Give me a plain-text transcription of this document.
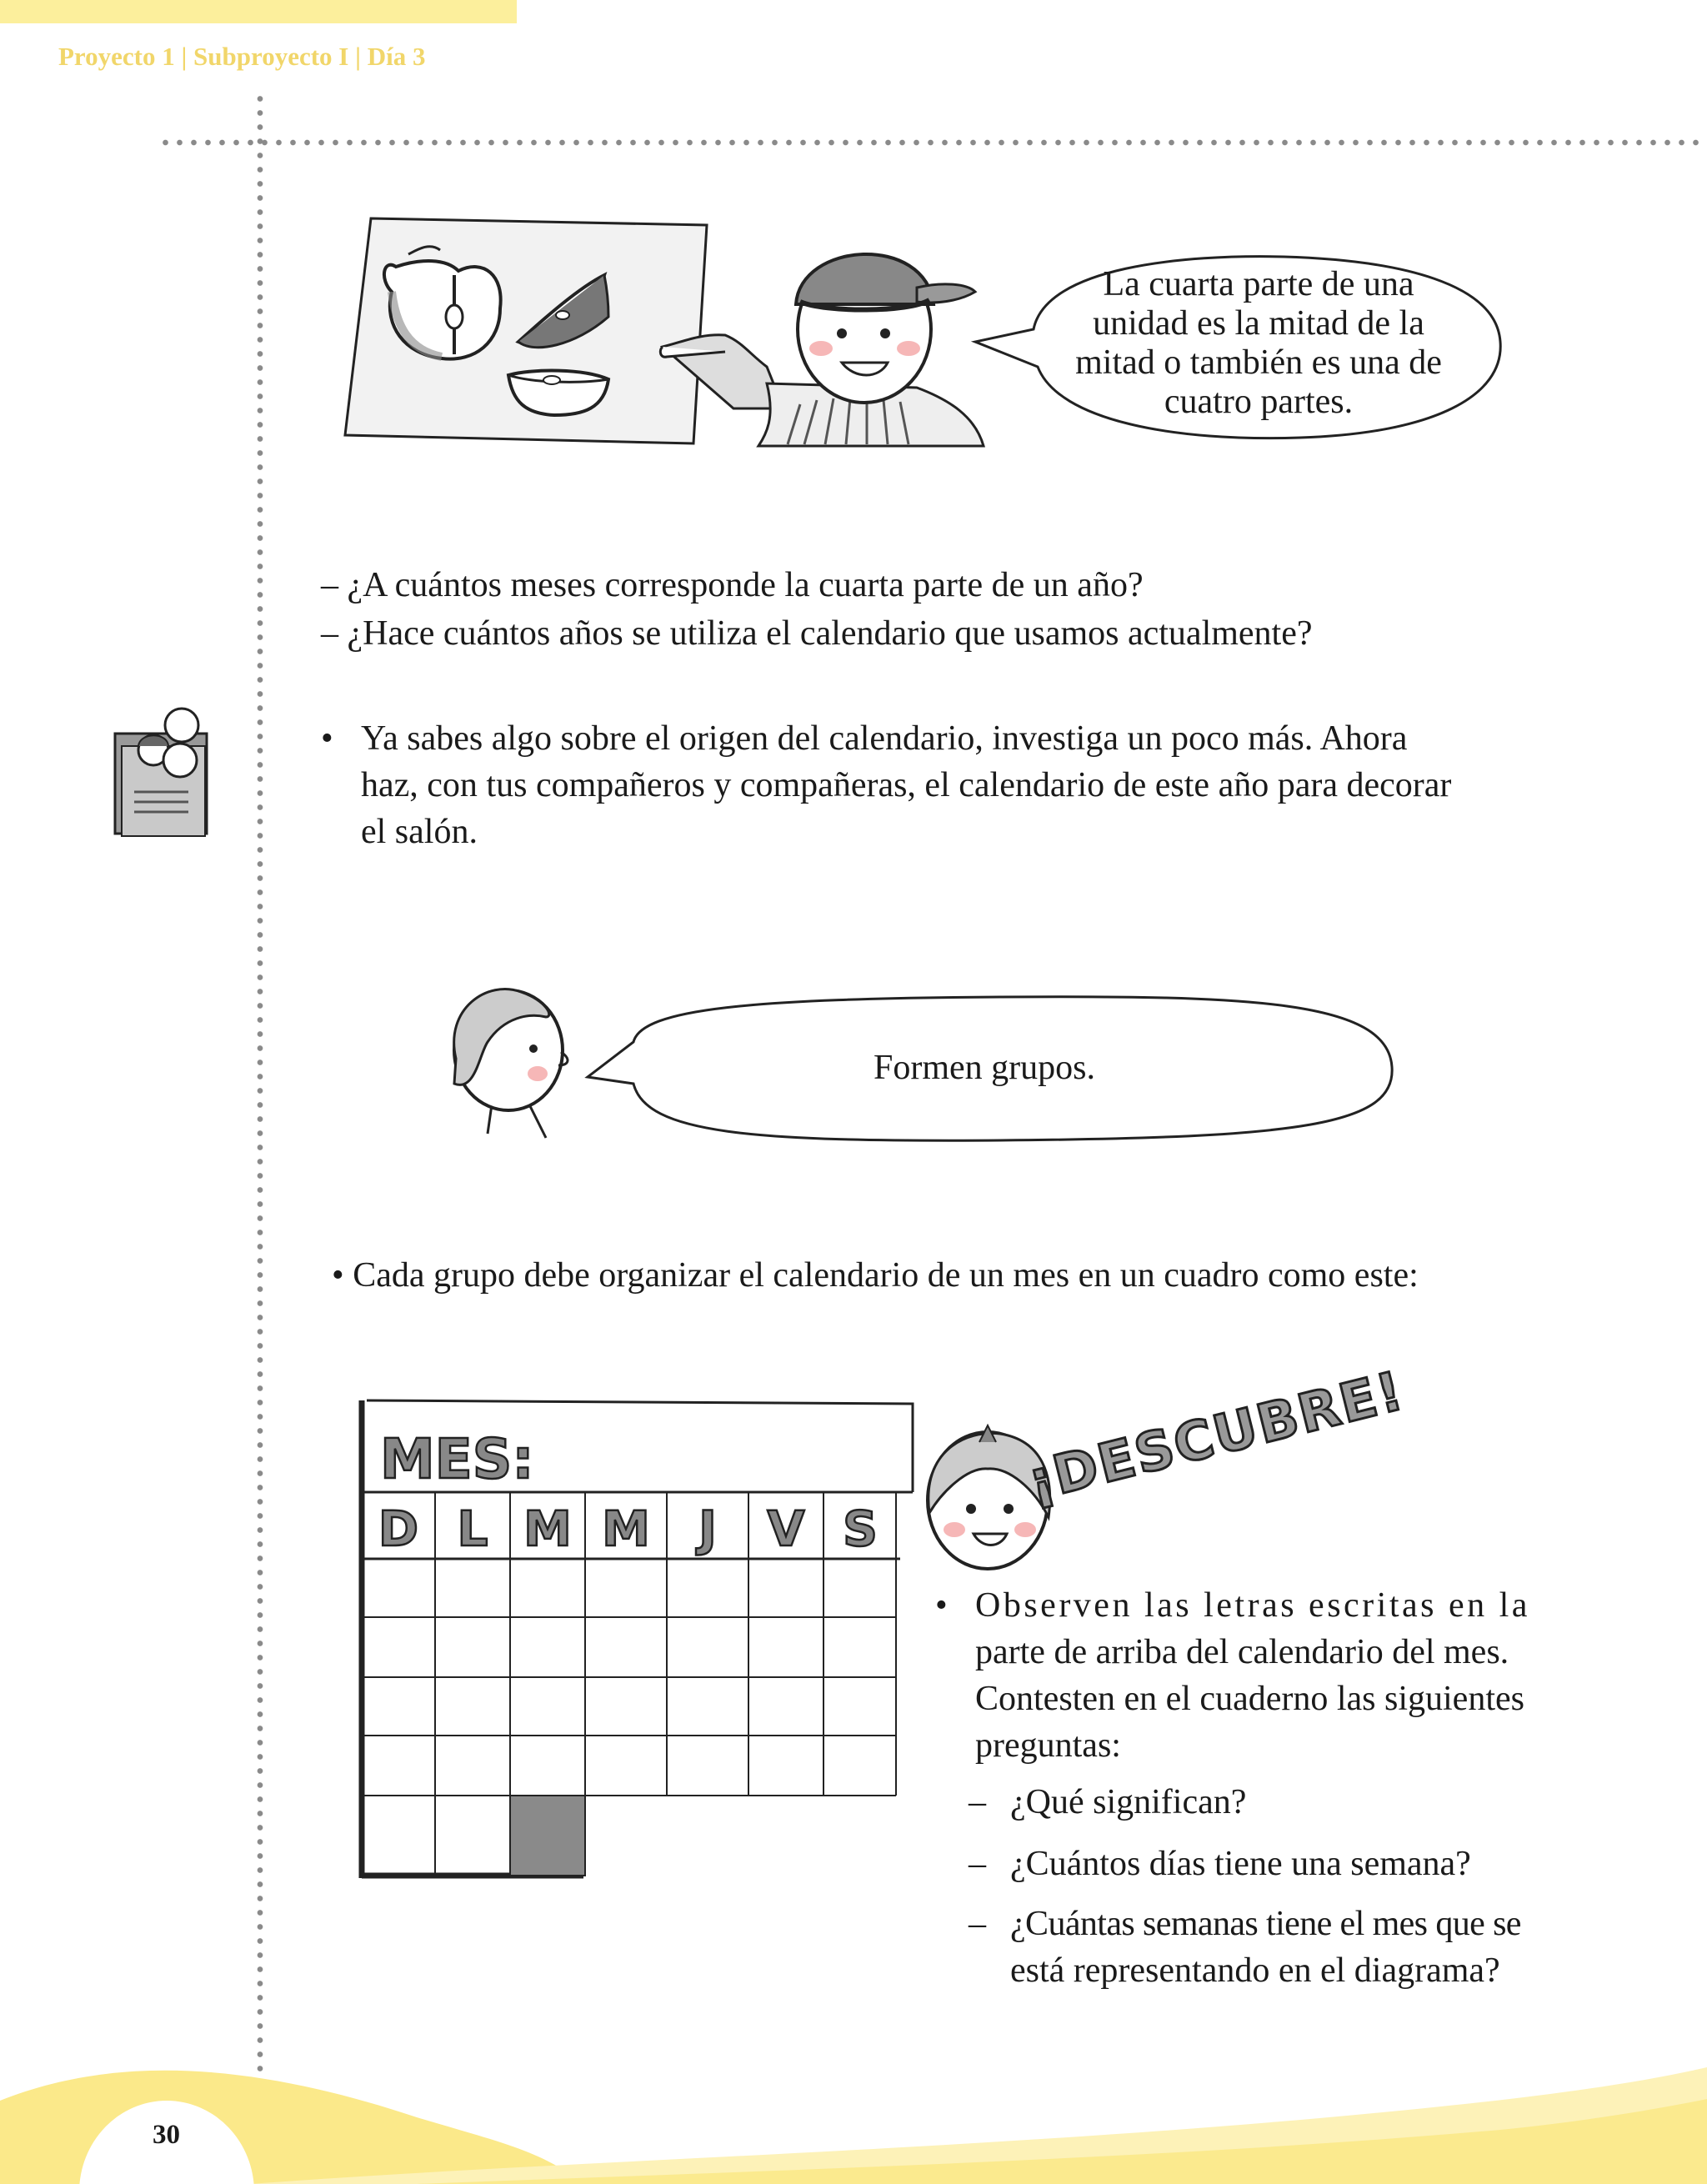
Proyecto 1 | Subproyecto I | Día 3
La cuarta parte de una
unidad es la mitad de la
mitad o también es una de
cuatro partes.
– ¿A cuántos meses corresponde la cuarta parte de un año?
– ¿Hace cuántos años se utiliza el calendario que usamos actualmente?
• Ya sabes algo sobre el origen del calendario, investiga un poco más. Ahora
haz, con tus compañeros y compañeras, el calendario de este año para decorar
el salón.
Formen grupos.
• Cada grupo debe organizar el calendario de un mes en un cuadro como este:
MES:
D L M M J V S
¡DESCUBRE!
• Observen las letras escritas en la
parte de arriba del calendario del mes.
Contesten en el cuaderno las siguientes
preguntas:
– ¿Qué significan?
– ¿Cuántos días tiene una semana?
– ¿Cuántas semanas tiene el mes que se
está representando en el diagrama?
30
